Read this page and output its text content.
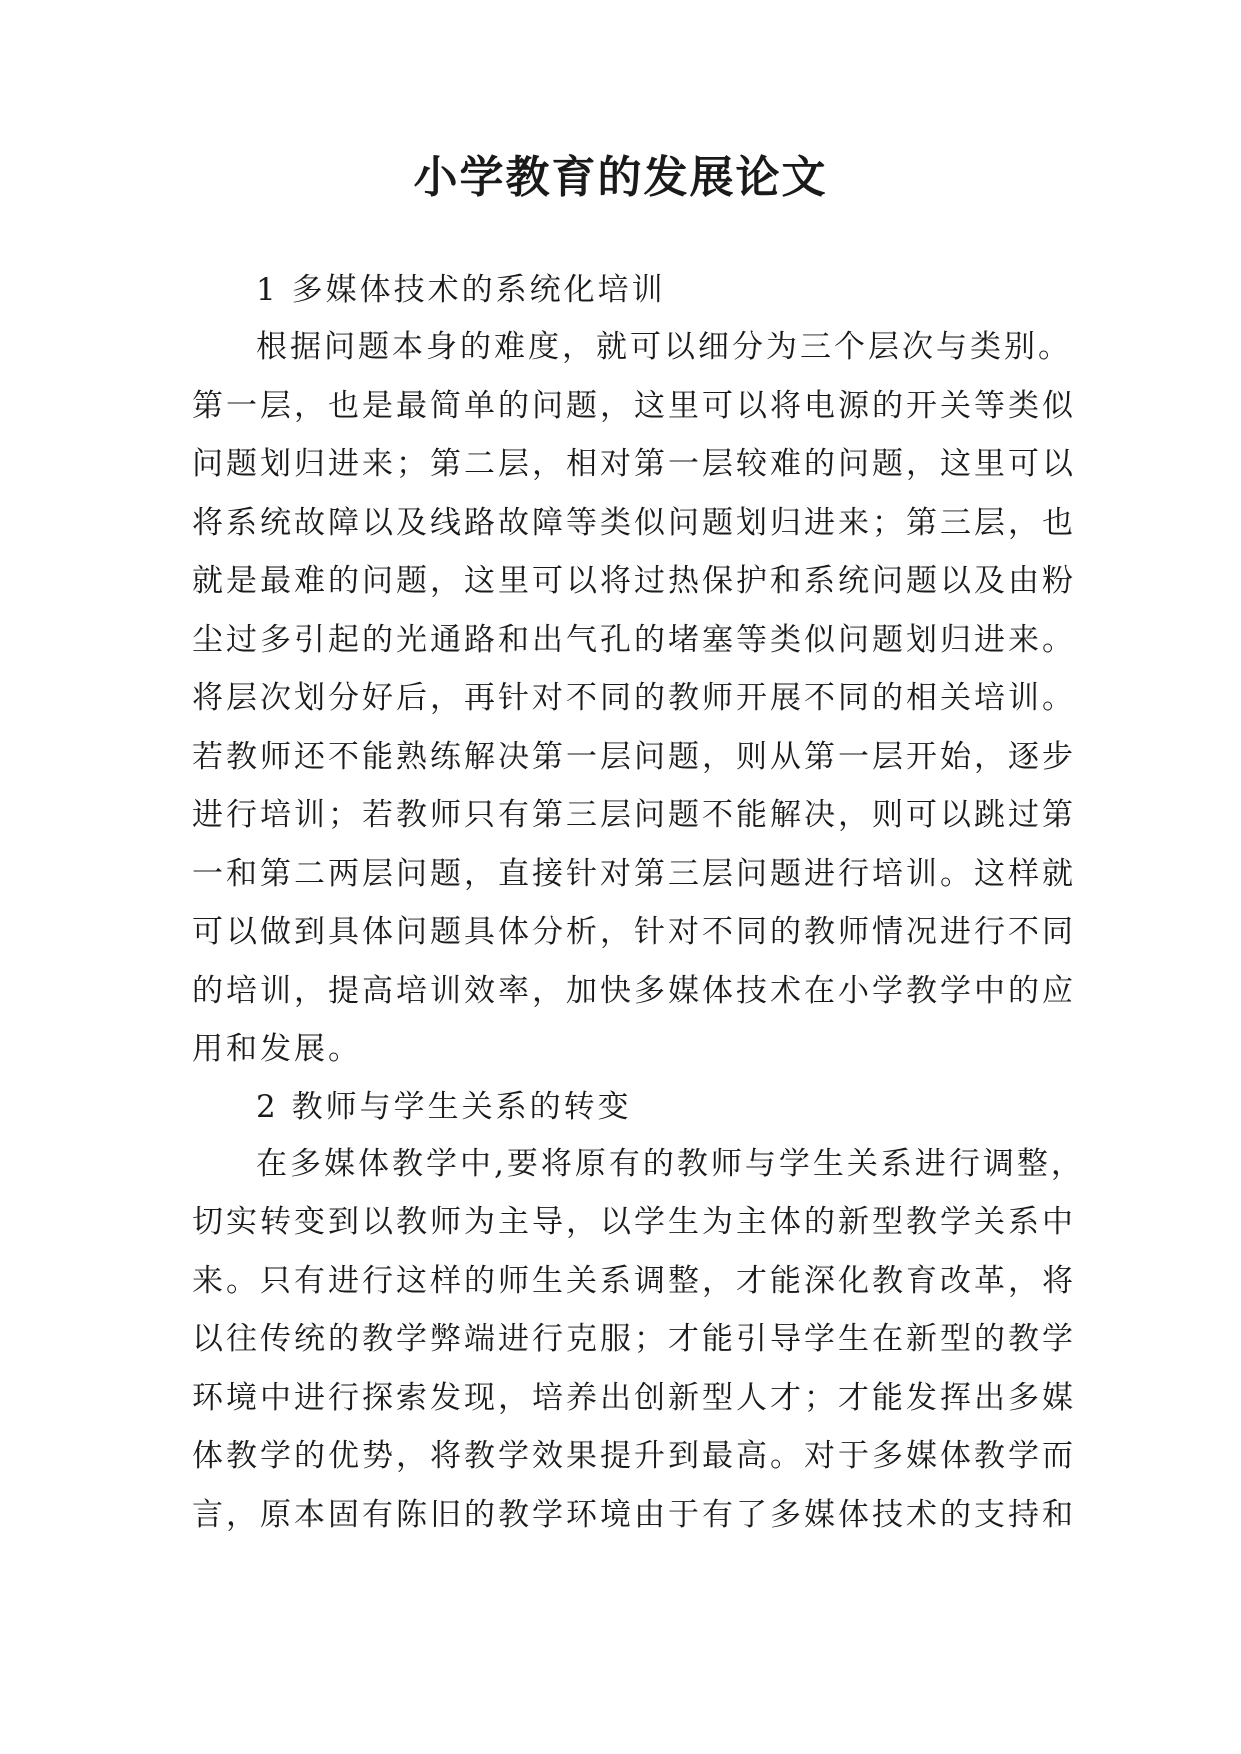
小学教育的发展论文

1 多媒体技术的系统化培训

根据问题本身的难度，就可以细分为三个层次与类别。

第一层，也是最简单的问题，这里可以将电源的开关等类似

问题划归进来；第二层，相对第一层较难的问题，这里可以

将系统故障以及线路故障等类似问题划归进来；第三层，也

就是最难的问题，这里可以将过热保护和系统问题以及由粉

尘过多引起的光通路和出气孔的堵塞等类似问题划归进来。

将层次划分好后，再针对不同的教师开展不同的相关培训。

若教师还不能熟练解决第一层问题，则从第一层开始，逐步

进行培训；若教师只有第三层问题不能解决，则可以跳过第

一和第二两层问题，直接针对第三层问题进行培训。这样就

可以做到具体问题具体分析，针对不同的教师情况进行不同

的培训，提高培训效率，加快多媒体技术在小学教学中的应

用和发展。

2 教师与学生关系的转变

在多媒体教学中,要将原有的教师与学生关系进行调整，

切实转变到以教师为主导，以学生为主体的新型教学关系中

来。只有进行这样的师生关系调整，才能深化教育改革，将

以往传统的教学弊端进行克服；才能引导学生在新型的教学

环境中进行探索发现，培养出创新型人才；才能发挥出多媒

体教学的优势，将教学效果提升到最高。对于多媒体教学而

言，原本固有陈旧的教学环境由于有了多媒体技术的支持和
